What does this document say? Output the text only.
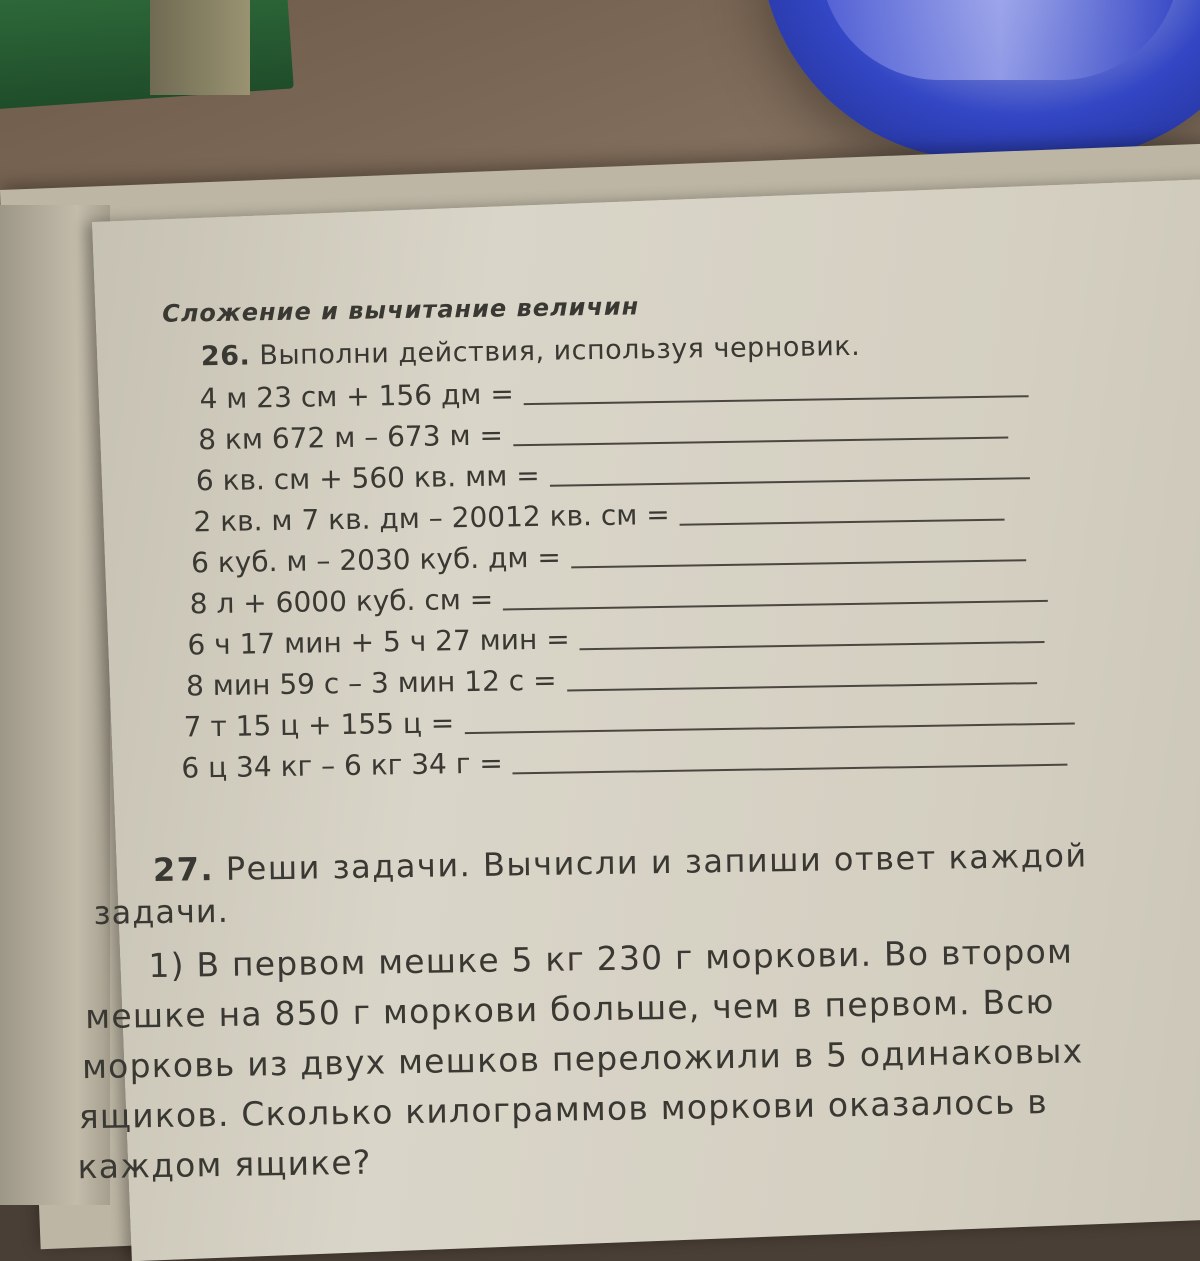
Сложение и вычитание величин
26. Выполни действия, используя черновик.
4 м 23 см + 156 дм =
8 км 672 м – 673 м =
6 кв. см + 560 кв. мм =
2 кв. м 7 кв. дм – 20012 кв. см =
6 куб. м – 2030 куб. дм =
8 л + 6000 куб. см =
6 ч 17 мин + 5 ч 27 мин =
8 мин 59 с – 3 мин 12 с =
7 т 15 ц + 155 ц =
6 ц 34 кг – 6 кг 34 г =
27. Реши задачи. Вычисли и запиши ответ каждой
задачи.
1) В первом мешке 5 кг 230 г моркови. Во втором
мешке на 850 г моркови больше, чем в первом. Всю
морковь из двух мешков переложили в 5 одинаковых
ящиков. Сколько килограммов моркови оказалось в
каждом ящике?
